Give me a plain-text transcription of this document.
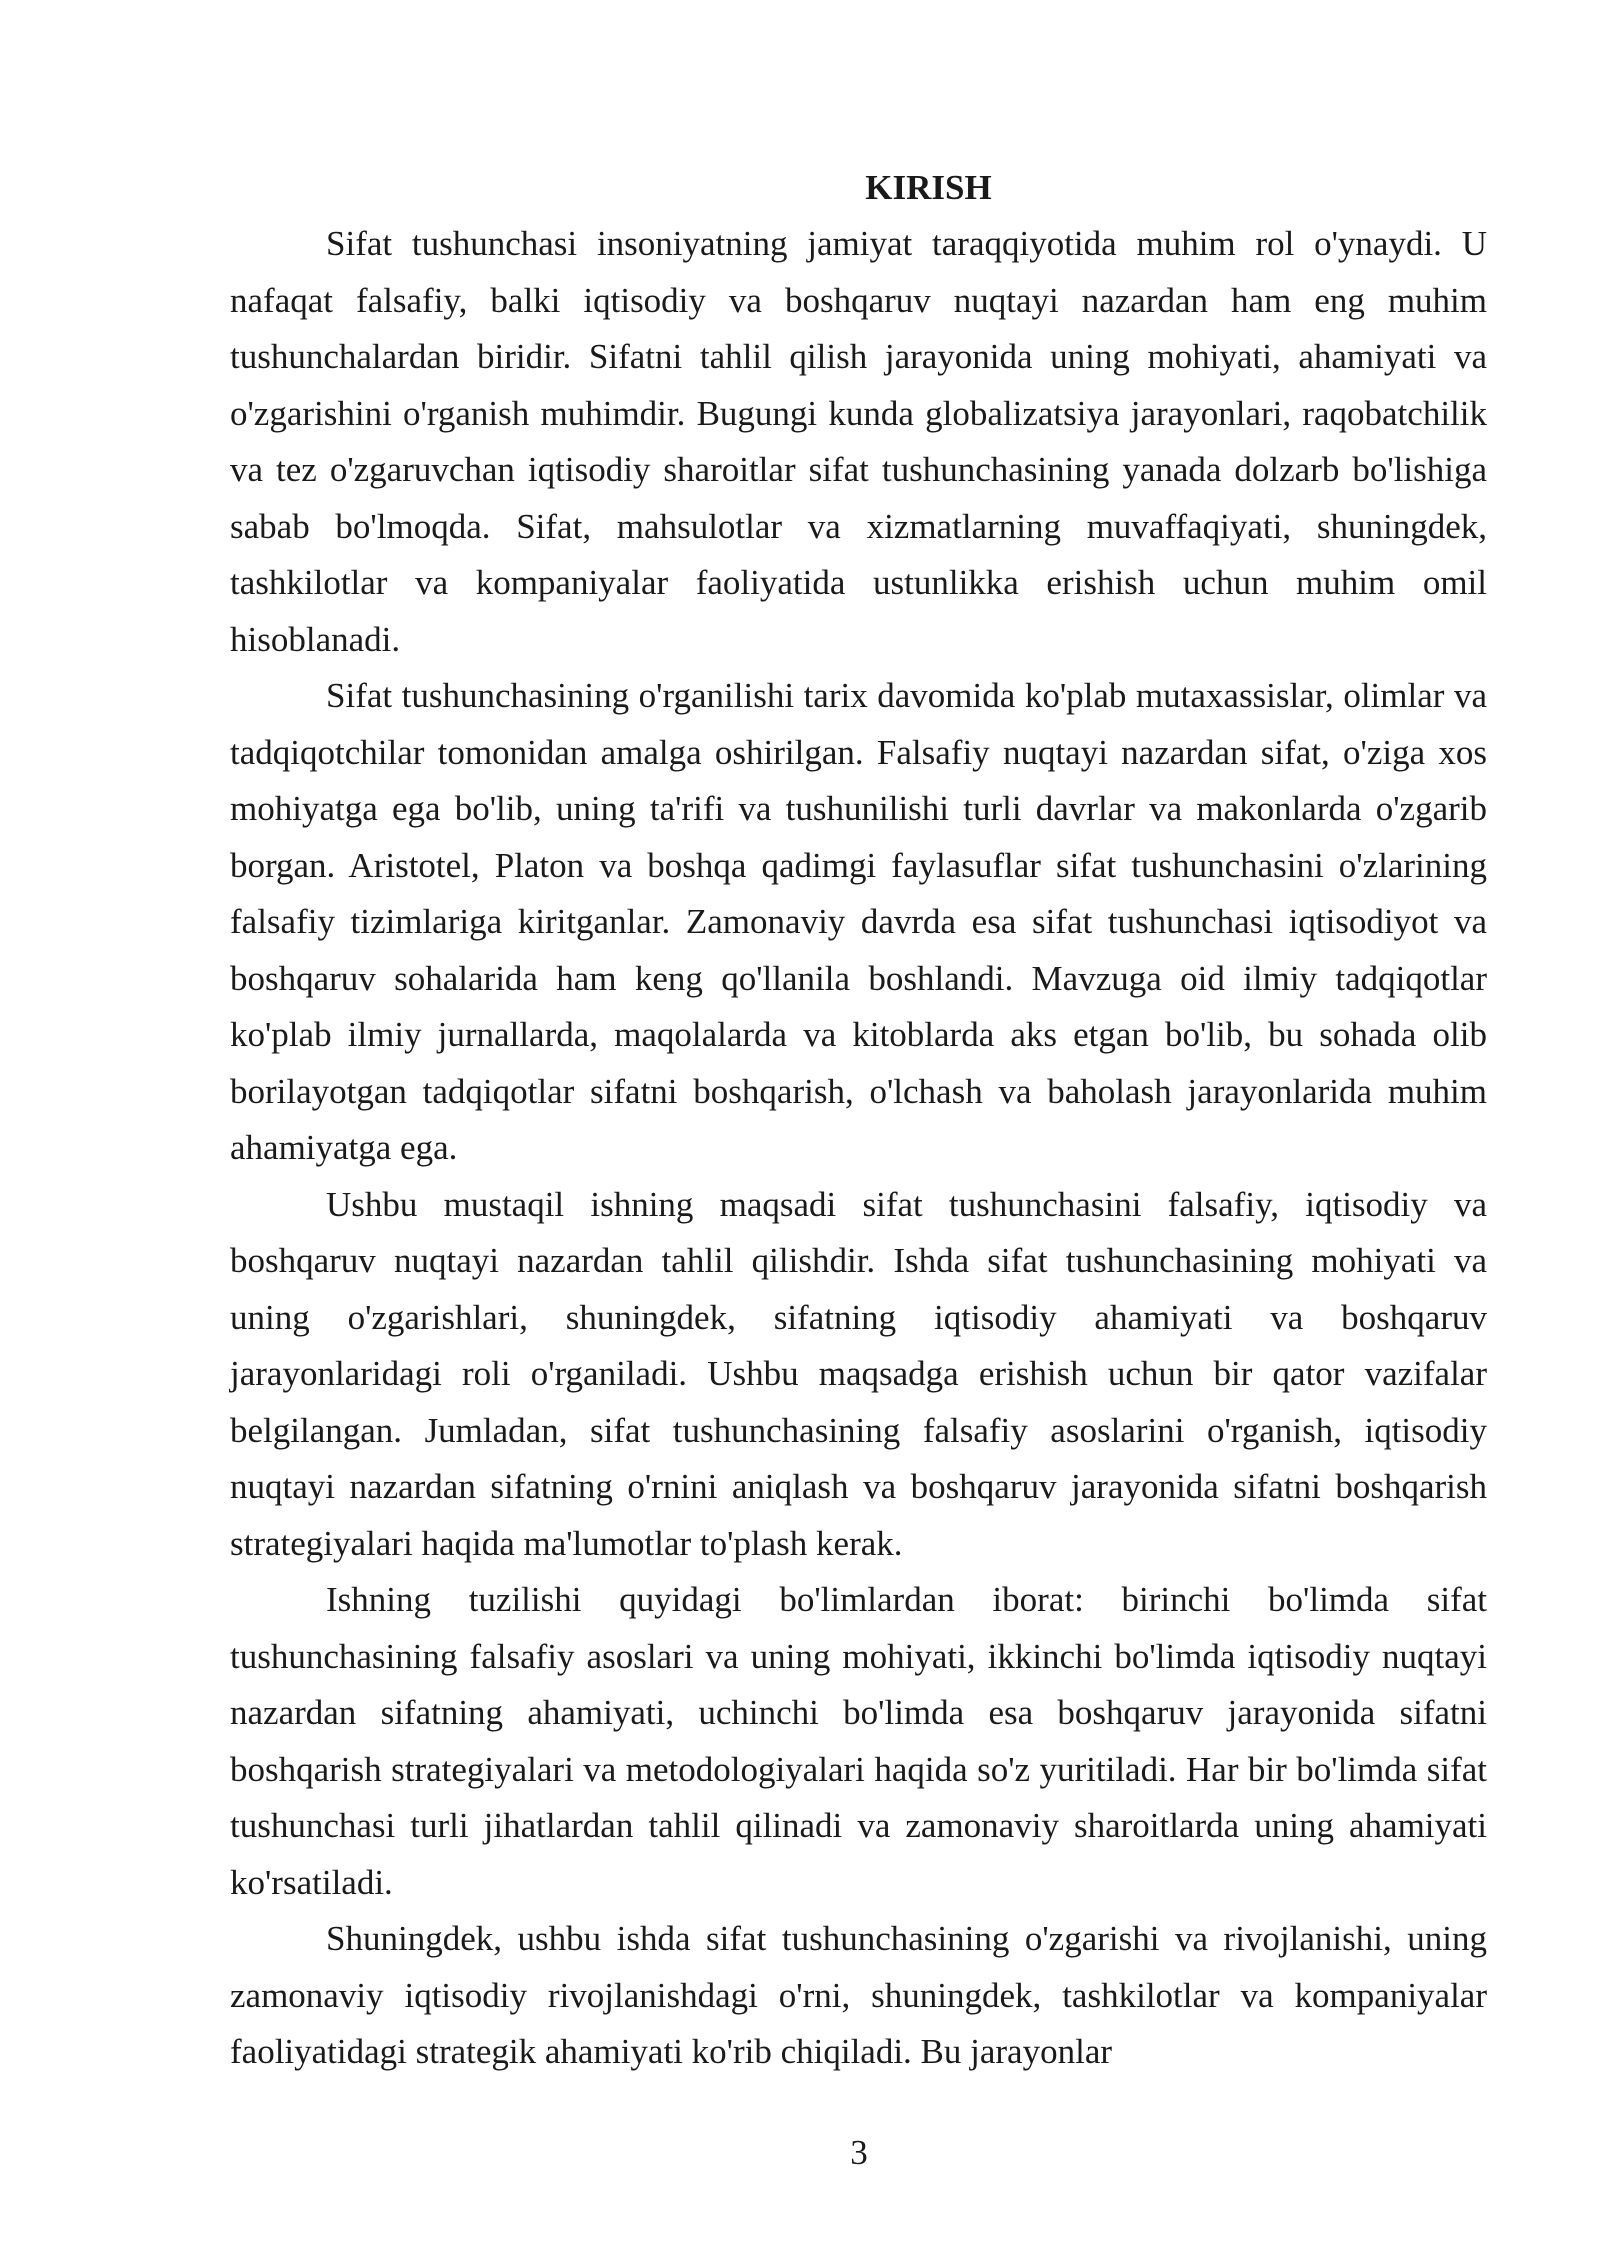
KIRISH

Sifat tushunchasi insoniyatning jamiyat taraqqiyotida muhim rol o'ynaydi. U nafaqat falsafiy, balki iqtisodiy va boshqaruv nuqtayi nazardan ham eng muhim tushunchalardan biridir. Sifatni tahlil qilish jarayonida uning mohiyati, ahamiyati va o'zgarishini o'rganish muhimdir. Bugungi kunda globalizatsiya jarayonlari, raqobatchilik va tez o'zgaruvchan iqtisodiy sharoitlar sifat tushunchasining yanada dolzarb bo'lishiga sabab bo'lmoqda. Sifat, mahsulotlar va xizmatlarning muvaffaqiyati, shuningdek, tashkilotlar va kompaniyalar faoliyatida ustunlikka erishish uchun muhim omil hisoblanadi.

Sifat tushunchasining o'rganilishi tarix davomida ko'plab mutaxassislar, olimlar va tadqiqotchilar tomonidan amalga oshirilgan. Falsafiy nuqtayi nazardan sifat, o'ziga xos mohiyatga ega bo'lib, uning ta'rifi va tushunilishi turli davrlar va makonlarda o'zgarib borgan. Aristotel, Platon va boshqa qadimgi faylasuflar sifat tushunchasini o'zlarining falsafiy tizimlariga kiritganlar. Zamonaviy davrda esa sifat tushunchasi iqtisodiyot va boshqaruv sohalarida ham keng qo'llanila boshlandi. Mavzuga oid ilmiy tadqiqotlar ko'plab ilmiy jurnallarda, maqolalarda va kitoblarda aks etgan bo'lib, bu sohada olib borilayotgan tadqiqotlar sifatni boshqarish, o'lchash va baholash jarayonlarida muhim ahamiyatga ega.

Ushbu mustaqil ishning maqsadi sifat tushunchasini falsafiy, iqtisodiy va boshqaruv nuqtayi nazardan tahlil qilishdir. Ishda sifat tushunchasining mohiyati va uning o'zgarishlari, shuningdek, sifatning iqtisodiy ahamiyati va boshqaruv jarayonlaridagi roli o'rganiladi. Ushbu maqsadga erishish uchun bir qator vazifalar belgilangan. Jumladan, sifat tushunchasining falsafiy asoslarini o'rganish, iqtisodiy nuqtayi nazardan sifatning o'rnini aniqlash va boshqaruv jarayonida sifatni boshqarish strategiyalari haqida ma'lumotlar to'plash kerak.

Ishning tuzilishi quyidagi bo'limlardan iborat: birinchi bo'limda sifat tushunchasining falsafiy asoslari va uning mohiyati, ikkinchi bo'limda iqtisodiy nuqtayi nazardan sifatning ahamiyati, uchinchi bo'limda esa boshqaruv jarayonida sifatni boshqarish strategiyalari va metodologiyalari haqida so'z yuritiladi. Har bir bo'limda sifat tushunchasi turli jihatlardan tahlil qilinadi va zamonaviy sharoitlarda uning ahamiyati ko'rsatiladi.

Shuningdek, ushbu ishda sifat tushunchasining o'zgarishi va rivojlanishi, uning zamonaviy iqtisodiy rivojlanishdagi o'rni, shuningdek, tashkilotlar va kompaniyalar faoliyatidagi strategik ahamiyati ko'rib chiqiladi. Bu jarayonlar

3
